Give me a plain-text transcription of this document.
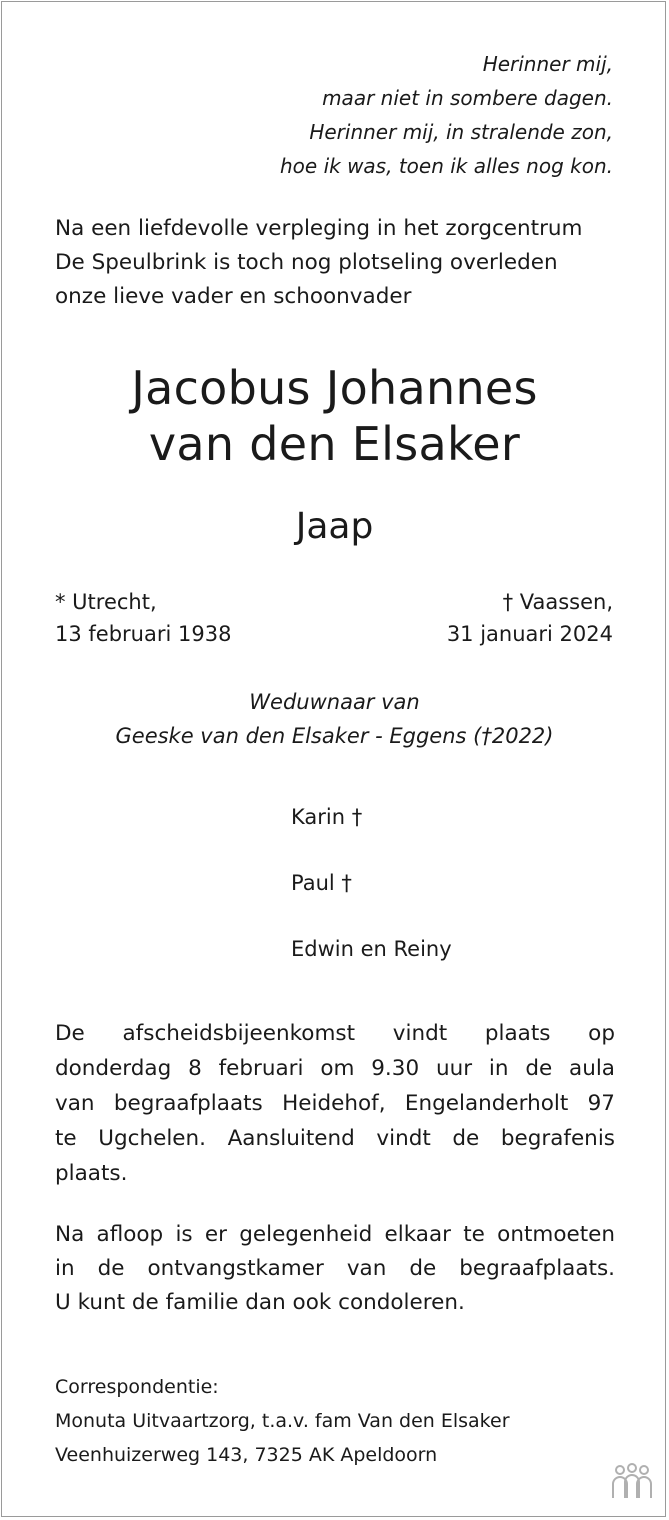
Herinner mij,
maar niet in sombere dagen.
Herinner mij, in stralende zon,
hoe ik was, toen ik alles nog kon.
Na een liefdevolle verpleging in het zorgcentrum
De Speulbrink is toch nog plotseling overleden
onze lieve vader en schoonvader
Jacobus Johannes
van den Elsaker
Jaap
* Utrecht,
13 februari 1938
† Vaassen,
31 januari 2024
Weduwnaar van
Geeske van den Elsaker - Eggens (†2022)
Karin †
Paul †
Edwin en Reiny
De afscheidsbijeenkomst vindt plaats op
donderdag 8 februari om 9.30 uur in de aula
van begraafplaats Heidehof, Engelanderholt 97
te Ugchelen. Aansluitend vindt de begrafenis
plaats.
Na afloop is er gelegenheid elkaar te ontmoeten
in de ontvangstkamer van de begraafplaats.
U kunt de familie dan ook condoleren.
Correspondentie:
Monuta Uitvaartzorg, t.a.v. fam Van den Elsaker
Veenhuizerweg 143, 7325 AK Apeldoorn
